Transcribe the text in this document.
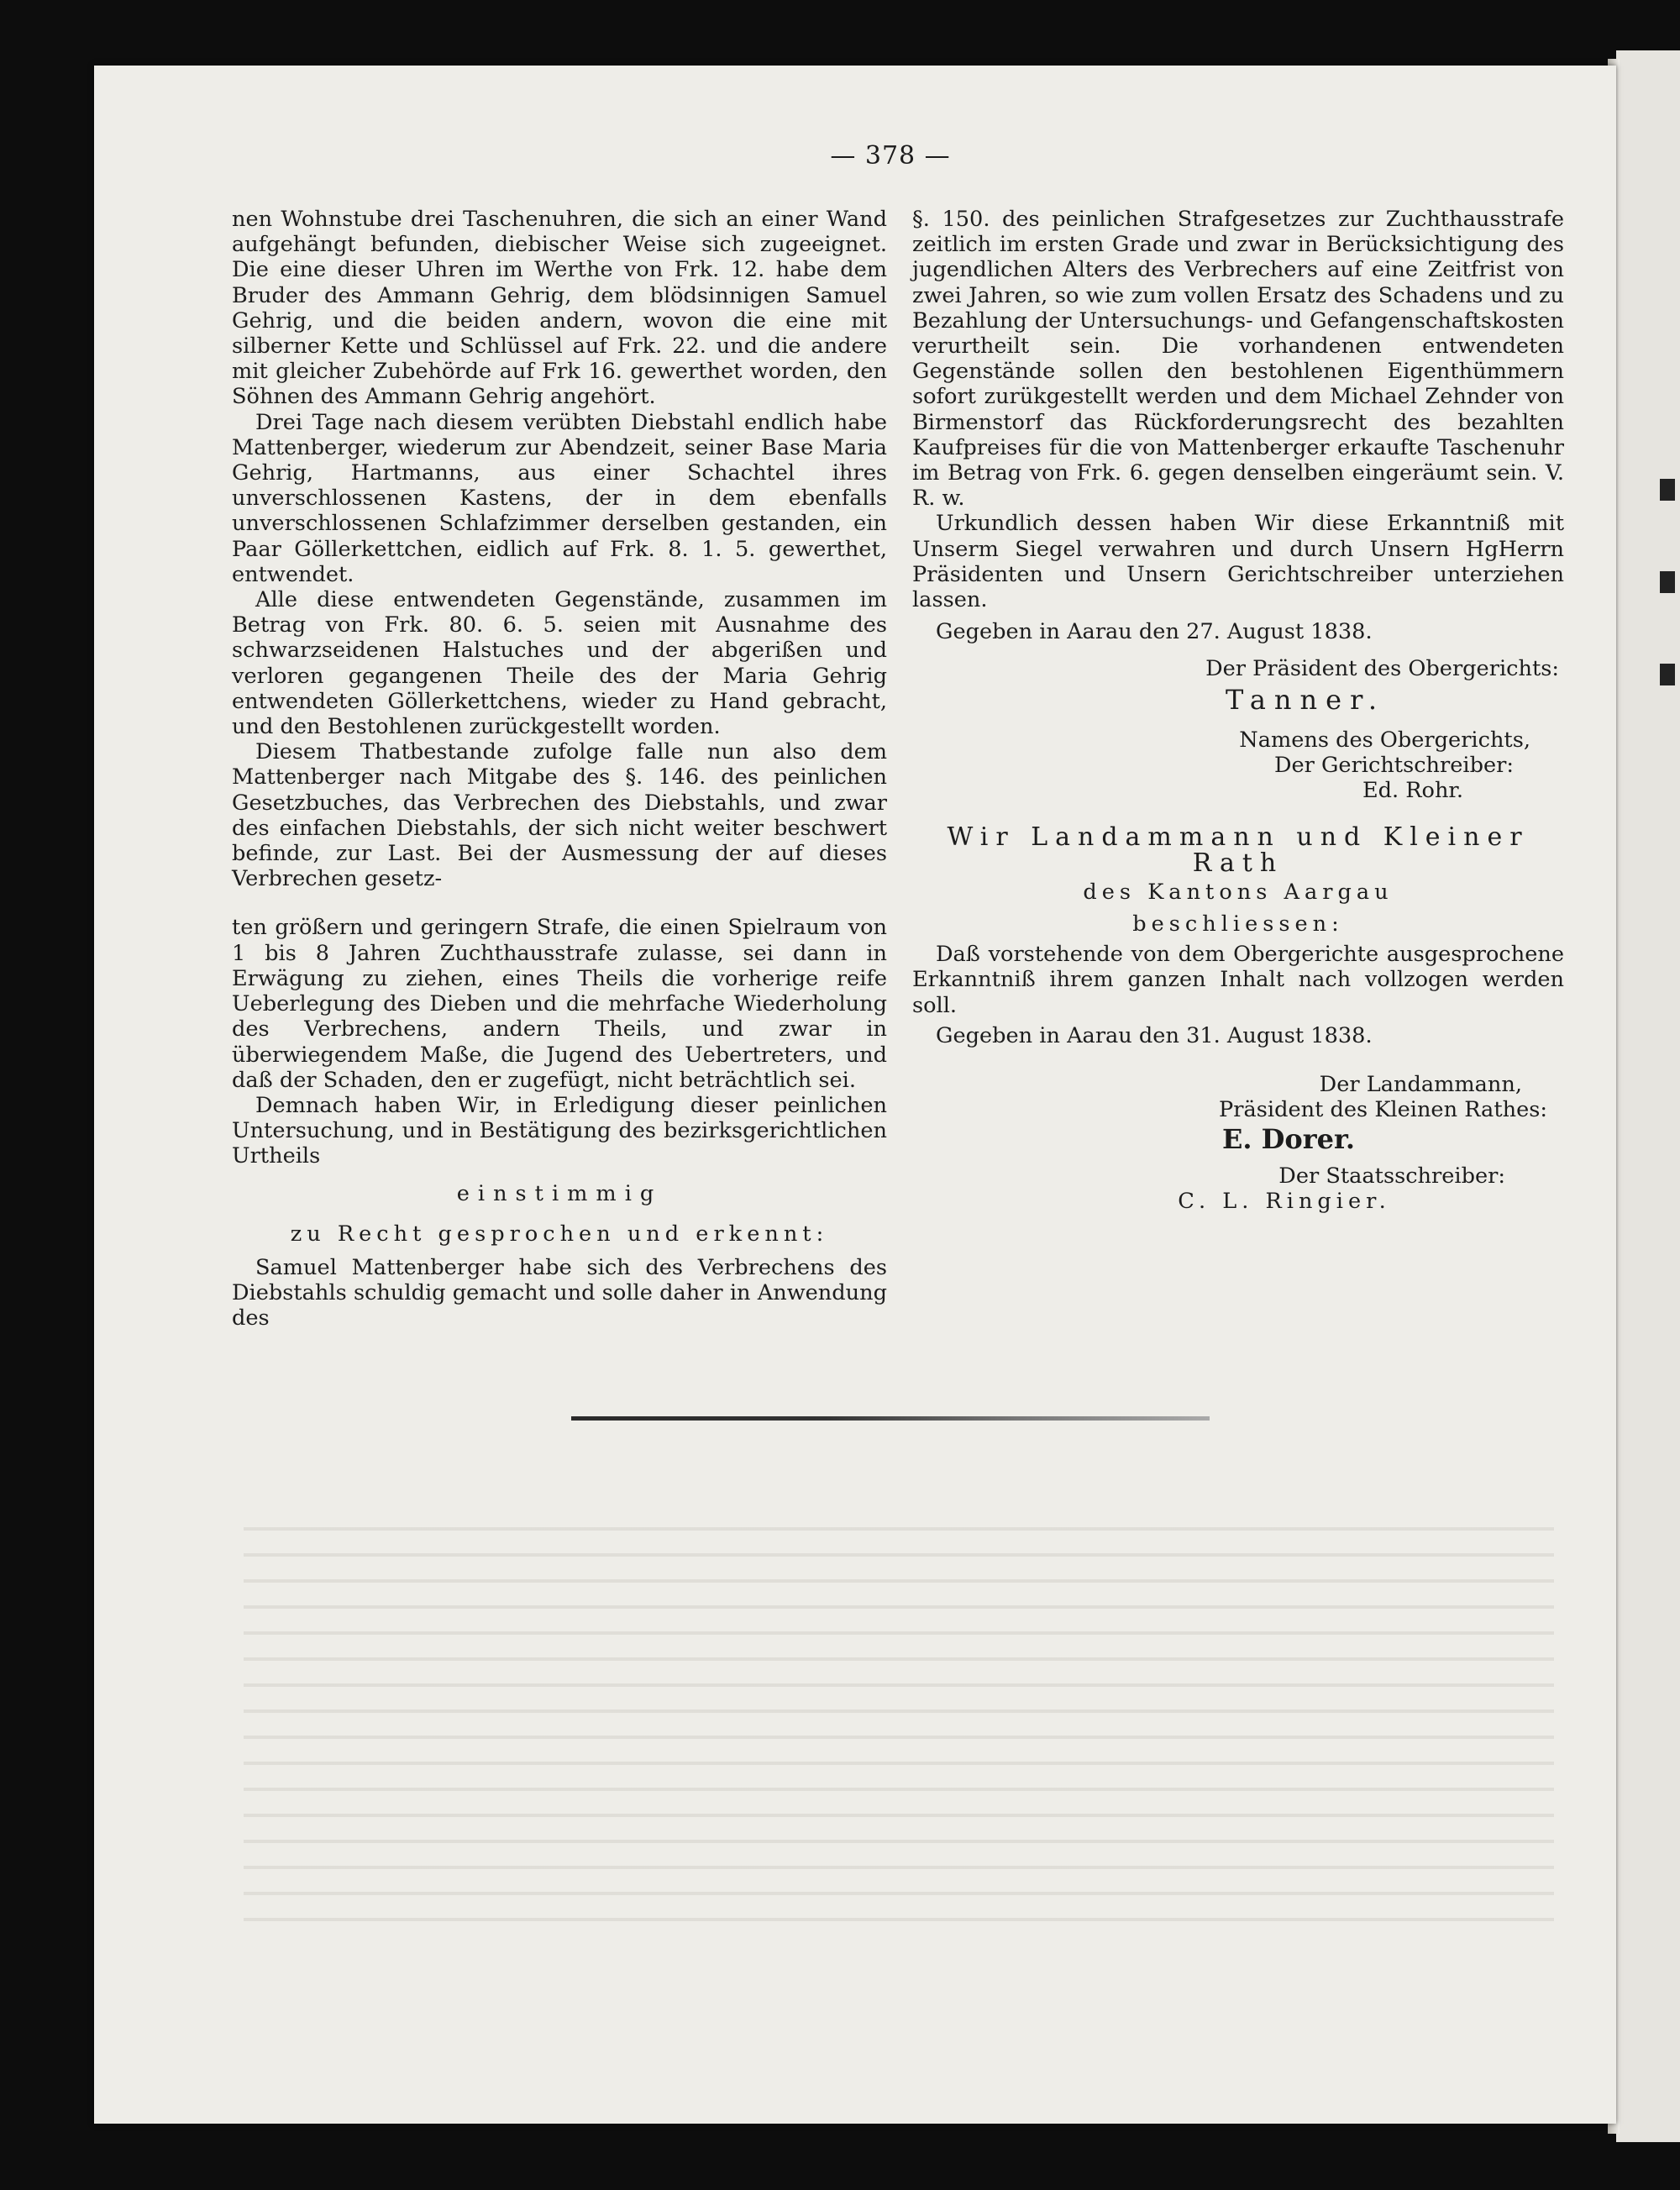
— 378 —

nen Wohnstube drei Taschenuhren, die sich an einer Wand aufgehängt befunden, diebischer Weise sich zugeeignet. Die eine dieser Uhren im Werthe von Frk. 12. habe dem Bruder des Ammann Gehrig, dem blödsinnigen Samuel Gehrig, und die beiden andern, wovon die eine mit silberner Kette und Schlüssel auf Frk. 22. und die andere mit gleicher Zubehörde auf Frk 16. gewerthet worden, den Söhnen des Ammann Gehrig angehört.

Drei Tage nach diesem verübten Diebstahl endlich habe Mattenberger, wiederum zur Abendzeit, seiner Base Maria Gehrig, Hartmanns, aus einer Schachtel ihres unverschlossenen Kastens, der in dem ebenfalls unverschlossenen Schlafzimmer derselben gestanden, ein Paar Göllerkettchen, eidlich auf Frk. 8. 1. 5. gewerthet, entwendet.

Alle diese entwendeten Gegenstände, zusammen im Betrag von Frk. 80. 6. 5. seien mit Ausnahme des schwarzseidenen Halstuches und der abgerißen und verloren gegangenen Theile des der Maria Gehrig entwendeten Göllerkettchens, wieder zu Hand gebracht, und den Bestohlenen zurückgestellt worden.

Diesem Thatbestande zufolge falle nun also dem Mattenberger nach Mitgabe des §. 146. des peinlichen Gesetzbuches, das Verbrechen des Diebstahls, und zwar des einfachen Diebstahls, der sich nicht weiter beschwert befinde, zur Last. Bei der Ausmessung der auf dieses Verbrechen gesetz-

ten größern und geringern Strafe, die einen Spielraum von 1 bis 8 Jahren Zuchthausstrafe zulasse, sei dann in Erwägung zu ziehen, eines Theils die vorherige reife Ueberlegung des Dieben und die mehrfache Wiederholung des Verbrechens, andern Theils, und zwar in überwiegendem Maße, die Jugend des Uebertreters, und daß der Schaden, den er zugefügt, nicht beträchtlich sei.

Demnach haben Wir, in Erledigung dieser peinlichen Untersuchung, und in Bestätigung des bezirksgerichtlichen Urtheils

einstimmig

zu Recht gesprochen und erkennt:

Samuel Mattenberger habe sich des Verbrechens des Diebstahls schuldig gemacht und solle daher in Anwendung des

§. 150. des peinlichen Strafgesetzes zur Zuchthausstrafe zeitlich im ersten Grade und zwar in Berücksichtigung des jugendlichen Alters des Verbrechers auf eine Zeitfrist von zwei Jahren, so wie zum vollen Ersatz des Schadens und zu Bezahlung der Untersuchungs- und Gefangenschaftskosten verurtheilt sein. Die vorhandenen entwendeten Gegenstände sollen den bestohlenen Eigenthümmern sofort zurükgestellt werden und dem Michael Zehnder von Birmenstorf das Rückforderungsrecht des bezahlten Kaufpreises für die von Mattenberger erkaufte Taschenuhr im Betrag von Frk. 6. gegen denselben eingeräumt sein. V. R. w.

Urkundlich dessen haben Wir diese Erkanntniß mit Unserm Siegel verwahren und durch Unsern HgHerrn Präsidenten und Unsern Gerichtschreiber unterziehen lassen.

Gegeben in Aarau den 27. August 1838.

Der Präsident des Obergerichts:

Tanner.

Namens des Obergerichts,

Der Gerichtschreiber:

Ed. Rohr.

Wir Landammann und Kleiner Rath

des Kantons Aargau

beschliessen:

Daß vorstehende von dem Obergerichte ausgesprochene Erkanntniß ihrem ganzen Inhalt nach vollzogen werden soll.

Gegeben in Aarau den 31. August 1838.

Der Landammann,

Präsident des Kleinen Rathes:

E. Dorer.

Der Staatsschreiber:

C. L. Ringier.
